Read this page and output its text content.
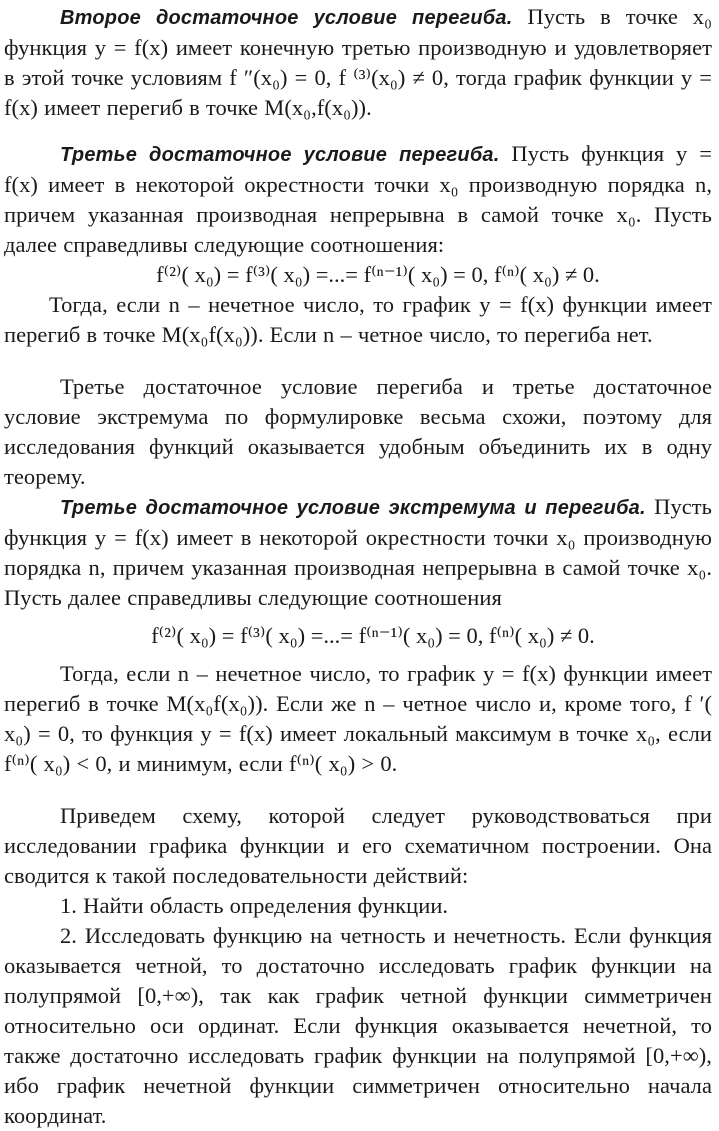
Второе достаточное условие перегиба. Пусть в точке x₀ функция y = f(x) имеет конечную третью производную и удовлетворяет в этой точке условиям f ″(x₀) = 0, f ⁽³⁾(x₀) ≠ 0, тогда график функции y = f(x) имеет перегиб в точке M(x₀,f(x₀)).

Третье достаточное условие перегиба. Пусть функция y = f(x) имеет в некоторой окрестности точки x₀ производную порядка n, причем указанная производная непрерывна в самой точке x₀. Пусть далее справедливы следующие соотношения:

f⁽²⁾( x₀) = f⁽³⁾( x₀) =...= f⁽ⁿ⁻¹⁾( x₀) = 0, f⁽ⁿ⁾( x₀) ≠ 0.

Тогда, если n – нечетное число, то график y = f(x) функции имеет перегиб в точке M(x₀f(x₀)). Если n – четное число, то перегиба нет.

Третье достаточное условие перегиба и третье достаточное условие экстремума по формулировке весьма схожи, поэтому для исследования функций оказывается удобным объединить их в одну теорему.

Третье достаточное условие экстремума и перегиба. Пусть функция y = f(x) имеет в некоторой окрестности точки x₀ производную порядка n, причем указанная производная непрерывна в самой точке x₀. Пусть далее справедливы следующие соотношения

f⁽²⁾( x₀) = f⁽³⁾( x₀) =...= f⁽ⁿ⁻¹⁾( x₀) = 0, f⁽ⁿ⁾( x₀) ≠ 0.

Тогда, если n – нечетное число, то график y = f(x) функции имеет перегиб в точке M(x₀f(x₀)). Если же n – четное число и, кроме того, f ′( x₀) = 0, то функция y = f(x) имеет локальный максимум в точке x₀, если f⁽ⁿ⁾( x₀) < 0, и минимум, если f⁽ⁿ⁾( x₀) > 0.

Приведем схему, которой следует руководствоваться при исследовании графика функции и его схематичном построении. Она сводится к такой последовательности действий:

1. Найти область определения функции.

2. Исследовать функцию на четность и нечетность. Если функция оказывается четной, то достаточно исследовать график функции на полупрямой [0,+∞), так как график четной функции симметричен относительно оси ординат. Если функция оказывается нечетной, то также достаточно исследовать график функции на полупрямой [0,+∞), ибо график нечетной функции симметричен относительно начала координат.
